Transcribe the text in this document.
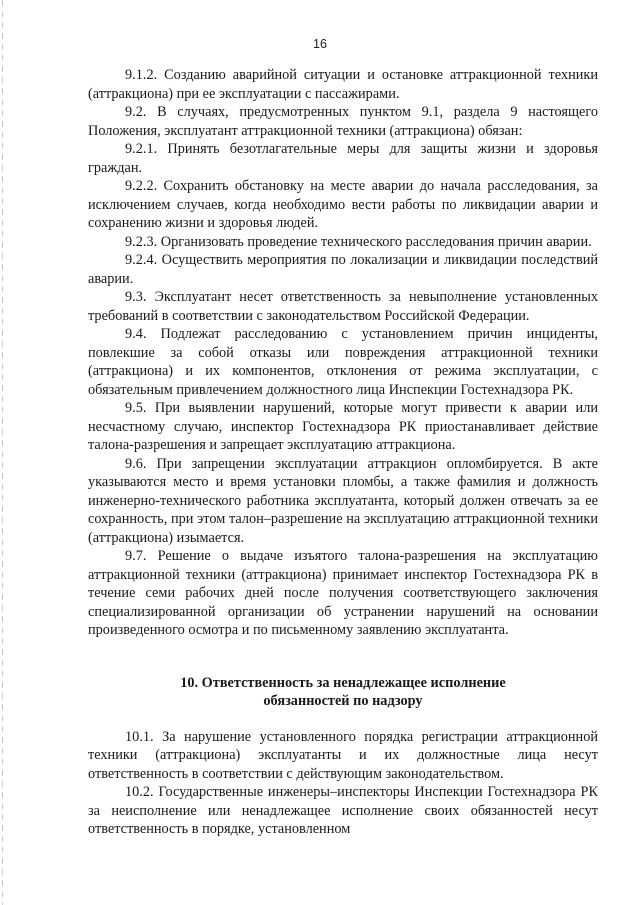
16

9.1.2. Созданию аварийной ситуации и остановке аттракционной техники (аттракциона) при ее эксплуатации с пассажирами.

9.2. В случаях, предусмотренных пунктом 9.1, раздела 9 настоящего Положения, эксплуатант аттракционной техники (аттракциона) обязан:

9.2.1. Принять безотлагательные меры для защиты жизни и здоровья граждан.

9.2.2. Сохранить обстановку на месте аварии до начала расследования, за исключением случаев, когда необходимо вести работы по ликвидации аварии и сохранению жизни и здоровья людей.

9.2.3. Организовать проведение технического расследования причин аварии.

9.2.4. Осуществить мероприятия по локализации и ликвидации последствий аварии.

9.3. Эксплуатант несет ответственность за невыполнение установленных требований в соответствии с законодательством Российской Федерации.

9.4. Подлежат расследованию с установлением причин инциденты, повлекшие за собой отказы или повреждения аттракционной техники (аттракциона) и их компонентов, отклонения от режима эксплуатации, с обязательным привлечением должностного лица Инспекции Гостехнадзора РК.

9.5. При выявлении нарушений, которые могут привести к аварии или несчастному случаю, инспектор Гостехнадзора РК приостанавливает действие талона-разрешения и запрещает эксплуатацию аттракциона.

9.6. При запрещении эксплуатации аттракцион опломбируется. В акте указываются место и время установки пломбы, а также фамилия и должность инженерно-технического работника эксплуатанта, который должен отвечать за ее сохранность, при этом талон–разрешение на эксплуатацию аттракционной техники (аттракциона) изымается.

9.7. Решение о выдаче изъятого талона-разрешения на эксплуатацию аттракционной техники (аттракциона) принимает инспектор Гостехнадзора РК в течение семи рабочих дней после получения соответствующего заключения специализированной организации об устранении нарушений на основании произведенного осмотра и по письменному заявлению эксплуатанта.

10. Ответственность за ненадлежащее исполнение
обязанностей по надзору

10.1. За нарушение установленного порядка регистрации аттракционной техники (аттракциона) эксплуатанты и их должностные лица несут ответственность в соответствии с действующим законодательством.

10.2. Государственные инженеры–инспекторы Инспекции Гостехнадзора РК за неисполнение или ненадлежащее исполнение своих обязанностей несут ответственность в порядке, установленном
